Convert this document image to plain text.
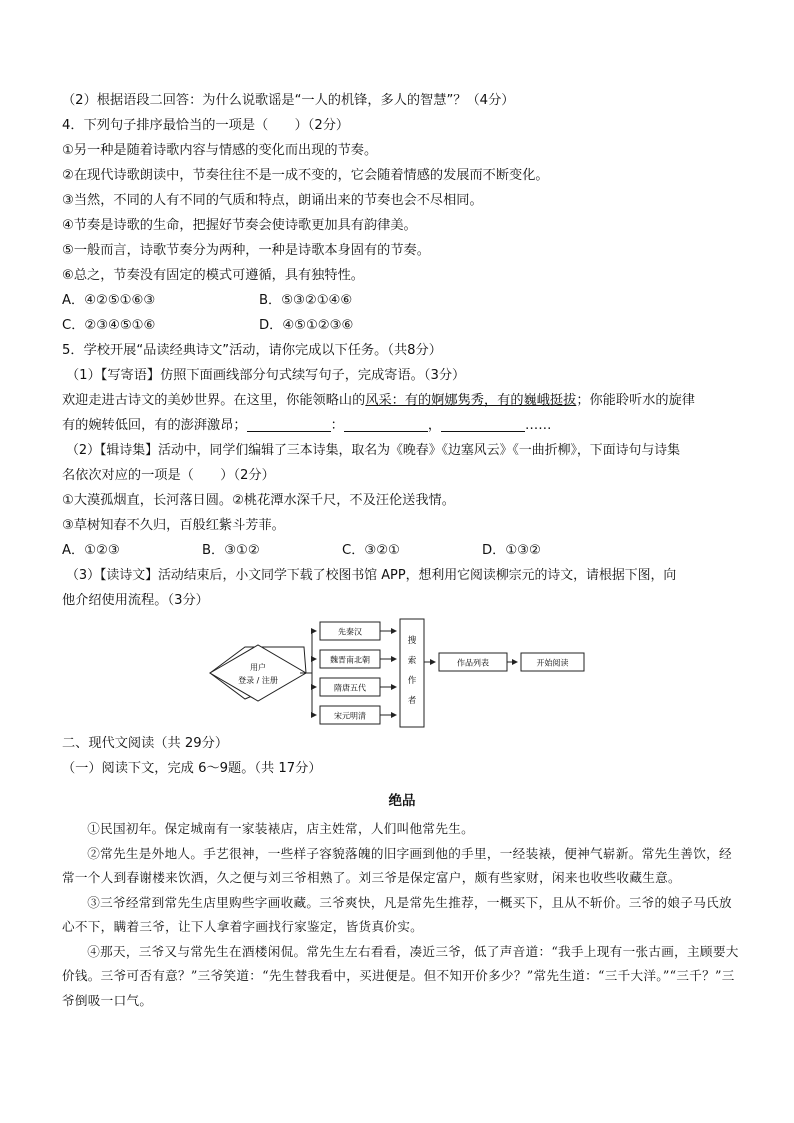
（2）根据语段二回答：为什么说歌谣是“一人的机锋，多人的智慧”？（4分）

4．下列句子排序最恰当的一项是（　　）（2分）

①另一种是随着诗歌内容与情感的变化而出现的节奏。

②在现代诗歌朗读中，节奏往往不是一成不变的，它会随着情感的发展而不断变化。

③当然，不同的人有不同的气质和特点，朗诵出来的节奏也会不尽相同。

④节奏是诗歌的生命，把握好节奏会使诗歌更加具有韵律美。

⑤一般而言，诗歌节奏分为两种，一种是诗歌本身固有的节奏。

⑥总之，节奏没有固定的模式可遵循，具有独特性。

A．④②⑤①⑥③	B．⑤③②①④⑥
C．②③④⑤①⑥	D．④⑤①②③⑥

5．学校开展“品读经典诗文”活动，请你完成以下任务。（共8分）

（1）【写寄语】仿照下面画线部分句式续写句子，完成寄语。（3分）

欢迎走进古诗文的美妙世界。在这里，你能领略山的风采：有的婀娜隽秀，有的巍峨挺拔；你能聆听水的旋律

有的婉转低回，有的澎湃激昂；	：	，	……

（2）【辑诗集】活动中，同学们编辑了三本诗集，取名为《晚春》《边塞风云》《一曲折柳》，下面诗句与诗集

名依次对应的一项是（　　）（2分）

①大漠孤烟直，长河落日圆。②桃花潭水深千尺，不及汪伦送我情。

③草树知春不久归，百般红紫斗芳菲。

A．①②③	B．③①②	C．③②①	D．①③②

（3）【读诗文】活动结束后，小文同学下载了校图书馆 APP，想利用它阅读柳宗元的诗文，请根据下图，向

他介绍使用流程。（3分）

用户
登录 / 注册
先秦汉
魏晋南北朝
隋唐五代
宋元明清
搜
索
作
者
作品列表	开始阅读

二、现代文阅读（共 29分）

（一）阅读下文，完成 6～9题。（共 17分）

绝品

①民国初年。保定城南有一家装裱店，店主姓常，人们叫他常先生。

②常先生是外地人。手艺很神，一些样子容貌落魄的旧字画到他的手里，一经装裱，便神气崭新。常先生善饮，经常一个人到春谢楼来饮酒，久之便与刘三爷相熟了。刘三爷是保定富户，颇有些家财，闲来也收些收藏生意。

③三爷经常到常先生店里购些字画收藏。三爷爽快，凡是常先生推荐，一概买下，且从不斩价。三爷的娘子马氏放心不下，瞒着三爷，让下人拿着字画找行家鉴定，皆货真价实。

④那天，三爷又与常先生在酒楼闲侃。常先生左右看看，凑近三爷，低了声音道：“我手上现有一张古画，主顾要大价钱。三爷可否有意？”三爷笑道：“先生替我看中，买进便是。但不知开价多少？”常先生道：“三千大洋。”“三千？”三爷倒吸一口气。
